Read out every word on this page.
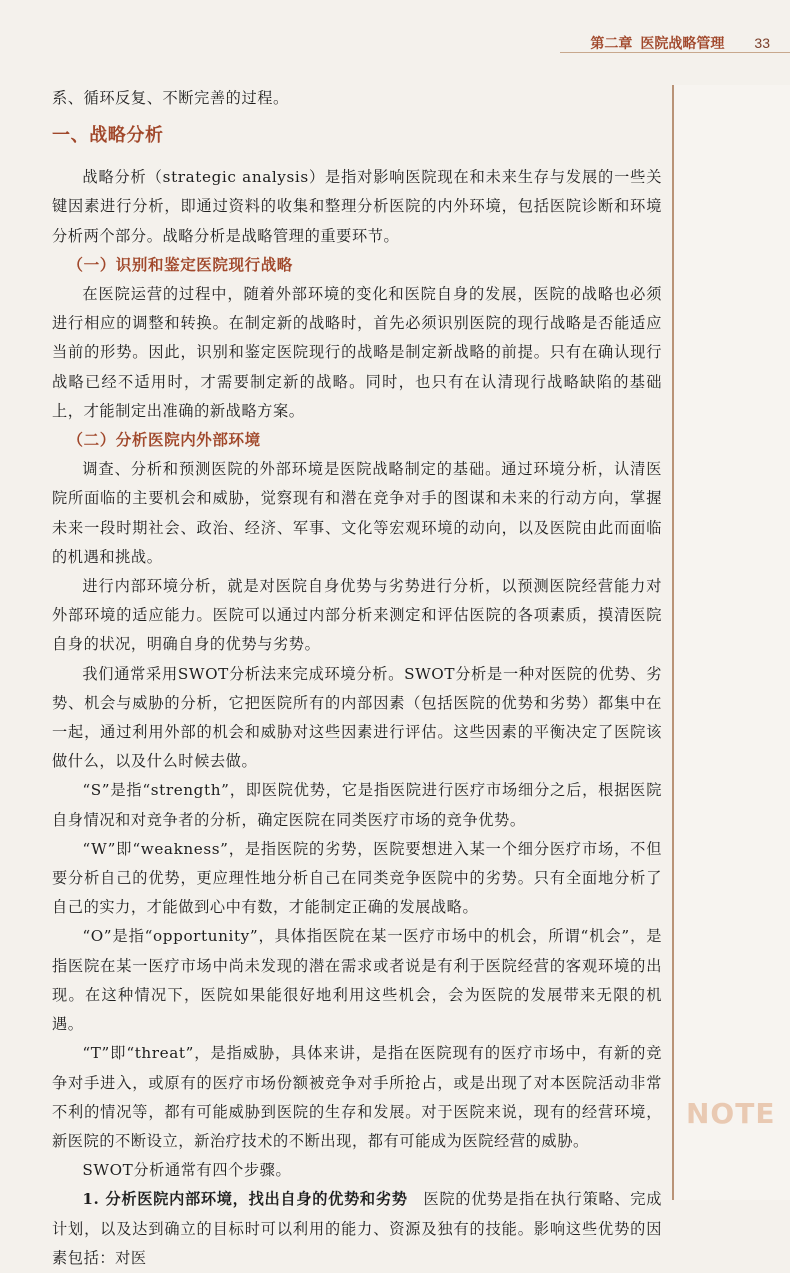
第二章 医院战略管理 33

系、循环反复、不断完善的过程。

一、战略分析

战略分析（strategic analysis）是指对影响医院现在和未来生存与发展的一些关键因素进行分析，即通过资料的收集和整理分析医院的内外环境，包括医院诊断和环境分析两个部分。战略分析是战略管理的重要环节。

（一）识别和鉴定医院现行战略

在医院运营的过程中，随着外部环境的变化和医院自身的发展，医院的战略也必须进行相应的调整和转换。在制定新的战略时，首先必须识别医院的现行战略是否能适应当前的形势。因此，识别和鉴定医院现行的战略是制定新战略的前提。只有在确认现行战略已经不适用时，才需要制定新的战略。同时，也只有在认清现行战略缺陷的基础上，才能制定出准确的新战略方案。

（二）分析医院内外部环境

调查、分析和预测医院的外部环境是医院战略制定的基础。通过环境分析，认清医院所面临的主要机会和威胁，觉察现有和潜在竞争对手的图谋和未来的行动方向，掌握未来一段时期社会、政治、经济、军事、文化等宏观环境的动向，以及医院由此而面临的机遇和挑战。

进行内部环境分析，就是对医院自身优势与劣势进行分析，以预测医院经营能力对外部环境的适应能力。医院可以通过内部分析来测定和评估医院的各项素质，摸清医院自身的状况，明确自身的优势与劣势。

我们通常采用SWOT分析法来完成环境分析。SWOT分析是一种对医院的优势、劣势、机会与威胁的分析，它把医院所有的内部因素（包括医院的优势和劣势）都集中在一起，通过利用外部的机会和威胁对这些因素进行评估。这些因素的平衡决定了医院该做什么，以及什么时候去做。

“S”是指“strength”，即医院优势，它是指医院进行医疗市场细分之后，根据医院自身情况和对竞争者的分析，确定医院在同类医疗市场的竞争优势。

“W”即“weakness”，是指医院的劣势，医院要想进入某一个细分医疗市场，不但要分析自己的优势，更应理性地分析自己在同类竞争医院中的劣势。只有全面地分析了自己的实力，才能做到心中有数，才能制定正确的发展战略。

“O”是指“opportunity”，具体指医院在某一医疗市场中的机会，所谓“机会”，是指医院在某一医疗市场中尚未发现的潜在需求或者说是有利于医院经营的客观环境的出现。在这种情况下，医院如果能很好地利用这些机会，会为医院的发展带来无限的机遇。

“T”即“threat”，是指威胁，具体来讲，是指在医院现有的医疗市场中，有新的竞争对手进入，或原有的医疗市场份额被竞争对手所抢占，或是出现了对本医院活动非常不利的情况等，都有可能威胁到医院的生存和发展。对于医院来说，现有的经营环境，新医院的不断设立，新治疗技术的不断出现，都有可能成为医院经营的威胁。

SWOT分析通常有四个步骤。

1. 分析医院内部环境，找出自身的优势和劣势　医院的优势是指在执行策略、完成计划，以及达到确立的目标时可以利用的能力、资源及独有的技能。影响这些优势的因素包括：对医

NOTE
